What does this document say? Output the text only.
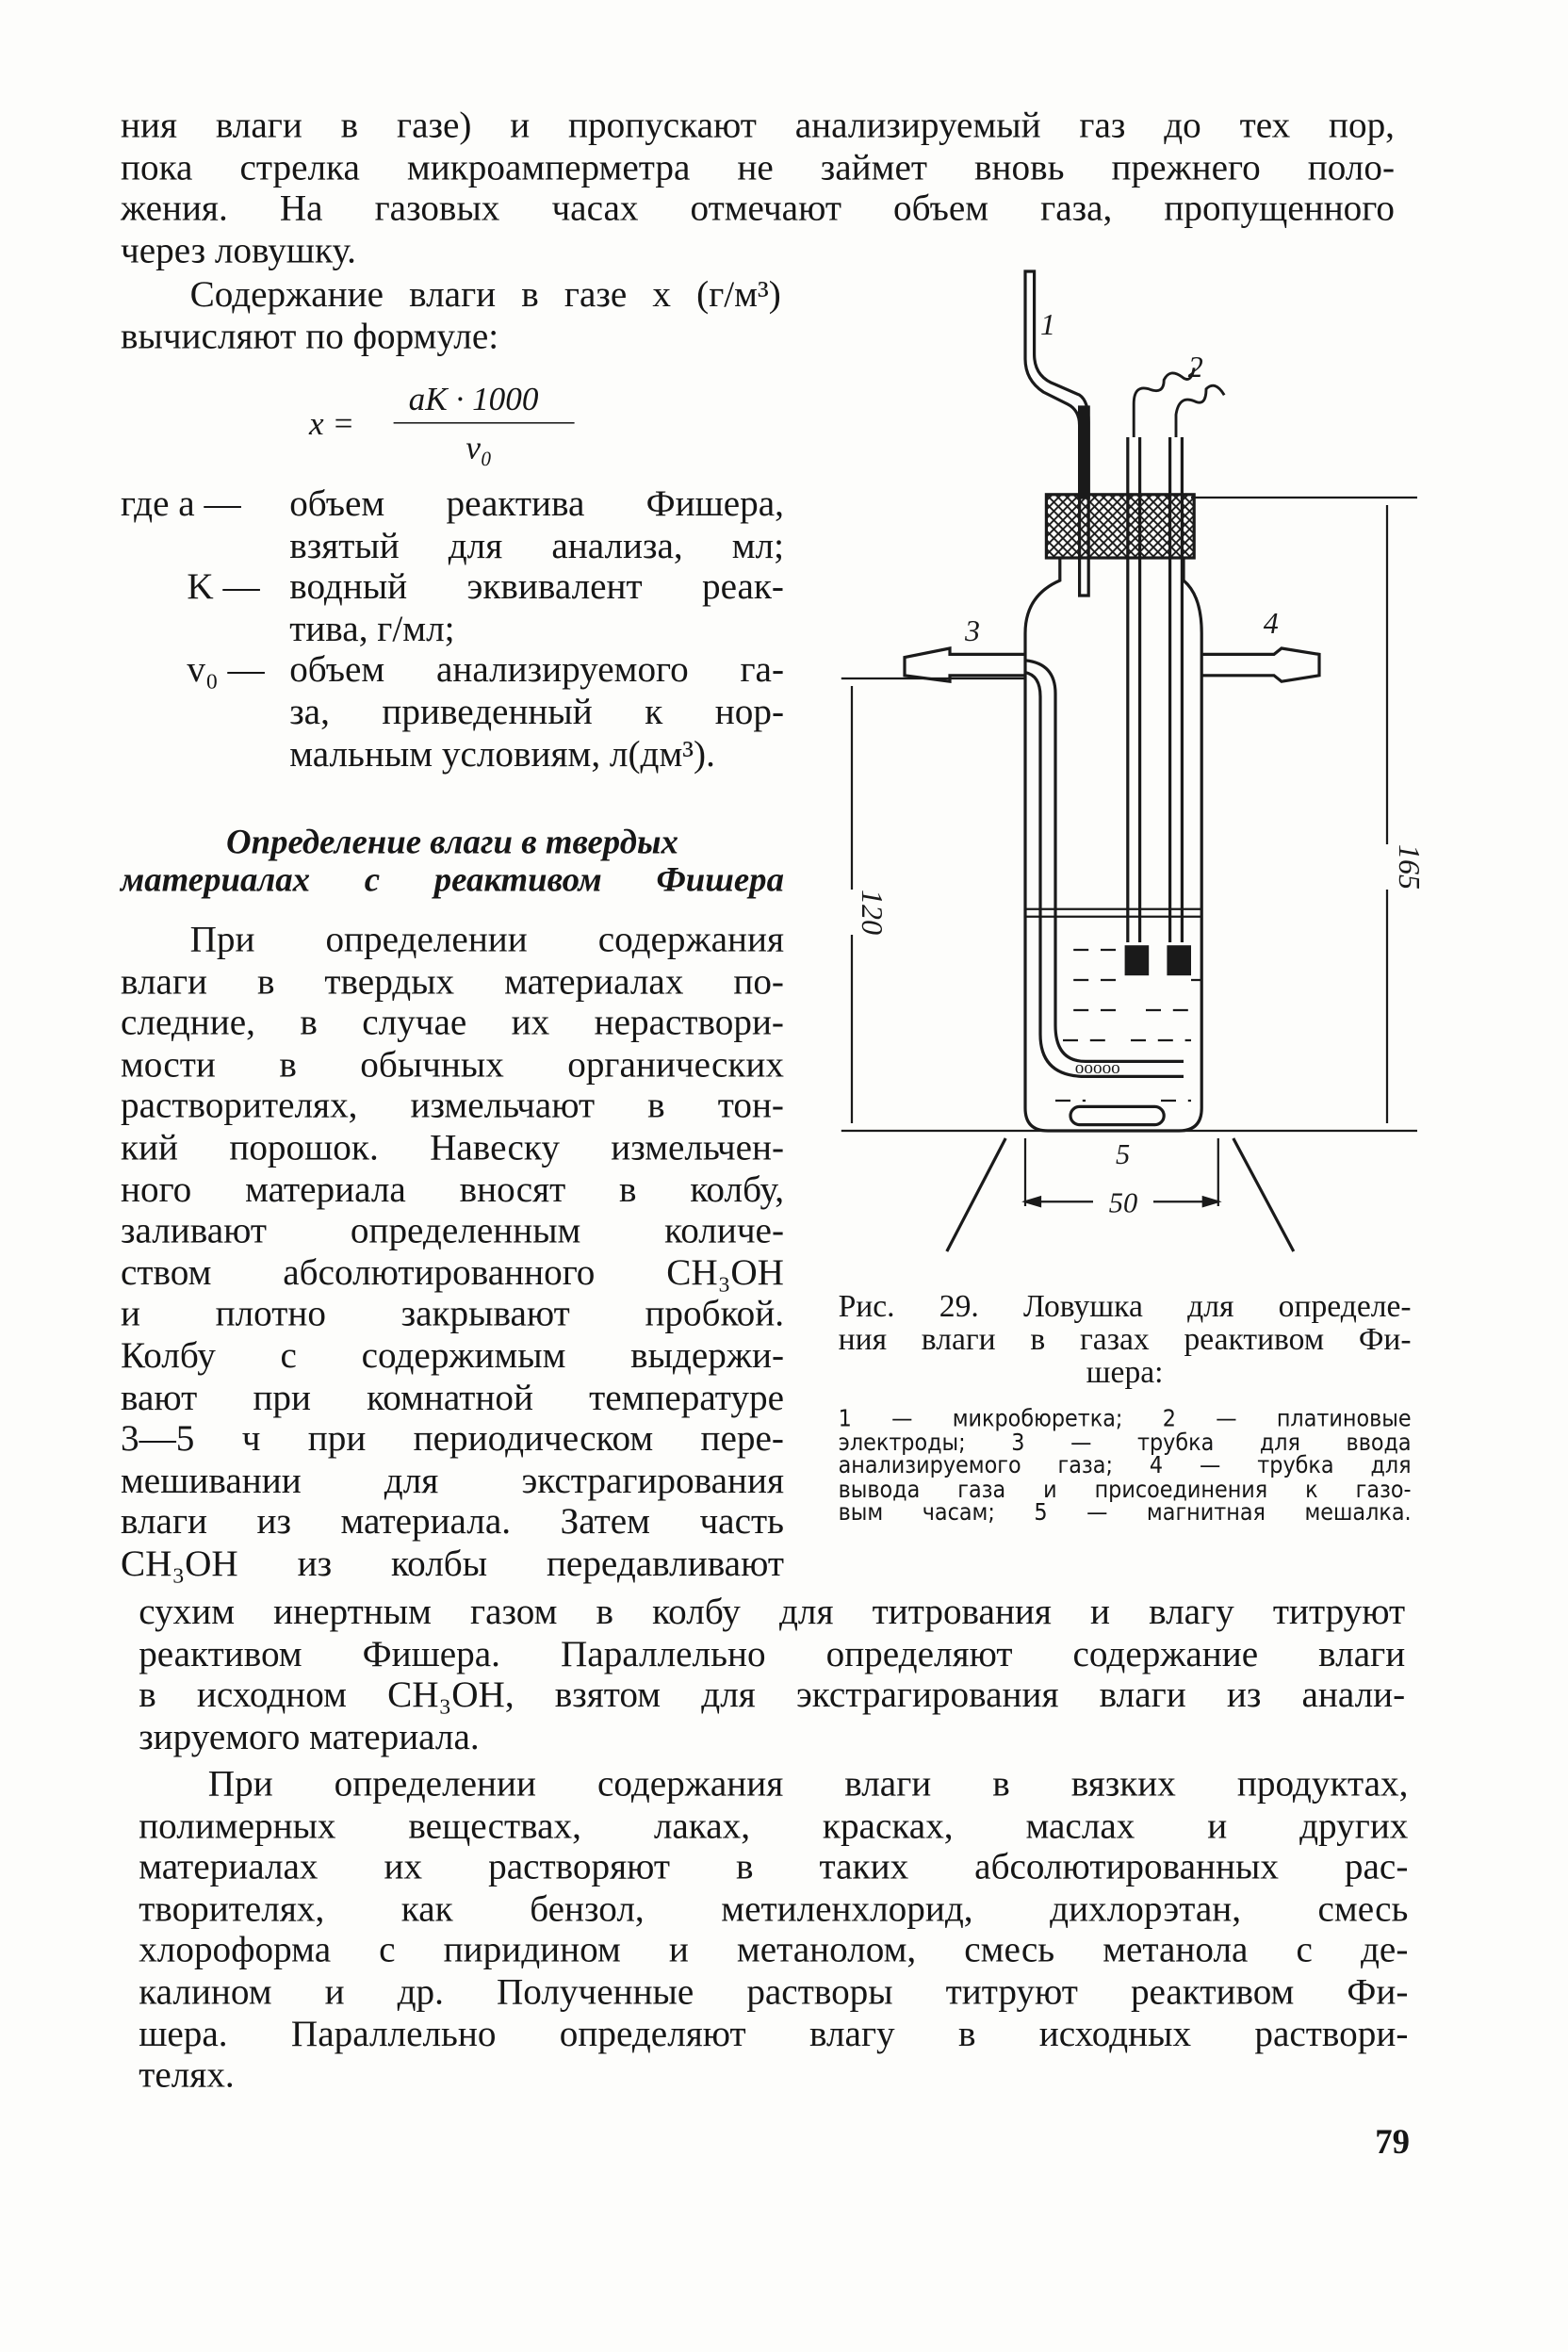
ния влаги в газе) и пропускают анализируемый газ до тех пор,
пока стрелка микроамперметра не займет вновь прежнего поло-
жения. На газовых часах отмечают объем газа, пропущенного
через ловушку.
Содержание влаги в газе x (г/м³)
вычисляют по формуле:
x =
aK · 1000
v₀
где a —
K —
v₀ —
объем реактива Фишера,
взятый для анализа, мл;
водный эквивалент реак-
тива, г/мл;
объем анализируемого га-
за, приведенный к нор-
мальным условиям, л(дм³).
Определение влаги в твердых
материалах с реактивом Фишера
При определении содержания
влаги в твердых материалах по-
следние, в случае их нераствори-
мости в обычных органических
растворителях, измельчают в тон-
кий порошок. Навеску измельчен-
ного материала вносят в колбу,
заливают определенным количе-
ством абсолютированного CH₃OH
и плотно закрывают пробкой.
Колбу с содержимым выдержи-
вают при комнатной температуре
3—5 ч при периодическом пере-
мешивании для экстрагирования
влаги из материала. Затем часть
CH₃OH из колбы передавливают
сухим инертным газом в колбу для титрования и влагу титруют
реактивом Фишера. Параллельно определяют содержание влаги
в исходном CH₃OH, взятом для экстрагирования влаги из анали-
зируемого материала.
При определении содержания влаги в вязких продуктах,
полимерных веществах, лаках, красках, маслах и других
материалах их растворяют в таких абсолютированных рас-
творителях, как бензол, метиленхлорид, дихлорэтан, смесь
хлороформа с пиридином и метанолом, смесь метанола с де-
калином и др. Полученные растворы титруют реактивом Фи-
шера. Параллельно определяют влагу в исходных раствори-
телях.
ooooo
120
165
50
1
2
3	4
5
Рис. 29. Ловушка для определе-
ния влаги в газах реактивом Фи-
шера:
1 — микробюретка; 2 — платиновые
электроды; 3 — трубка для ввода
анализируемого газа; 4 — трубка для
вывода газа и присоединения к газо-
вым часам; 5 — магнитная мешалка.
79
